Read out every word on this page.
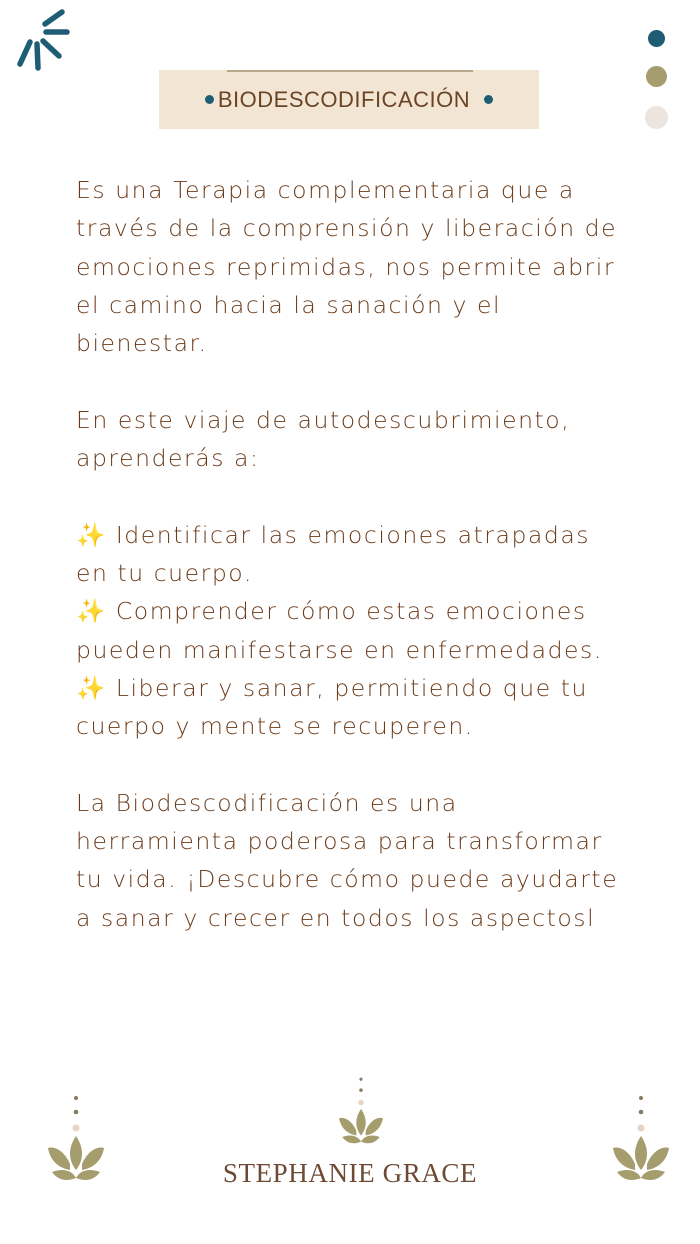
BIODESCODIFICACIÓN

Es una Terapia complementaria que a

través de la comprensión y liberación de

emociones reprimidas, nos permite abrir

el camino hacia la sanación y el

bienestar.

En este viaje de autodescubrimiento,

aprenderás a:

✨ Identificar las emociones atrapadas

en tu cuerpo.

✨ Comprender cómo estas emociones

pueden manifestarse en enfermedades.

✨ Liberar y sanar, permitiendo que tu

cuerpo y mente se recuperen.

La Biodescodificación es una

herramienta poderosa para transformar

tu vida. ¡Descubre cómo puede ayudarte

a sanar y crecer en todos los aspectosl

STEPHANIE GRACE
